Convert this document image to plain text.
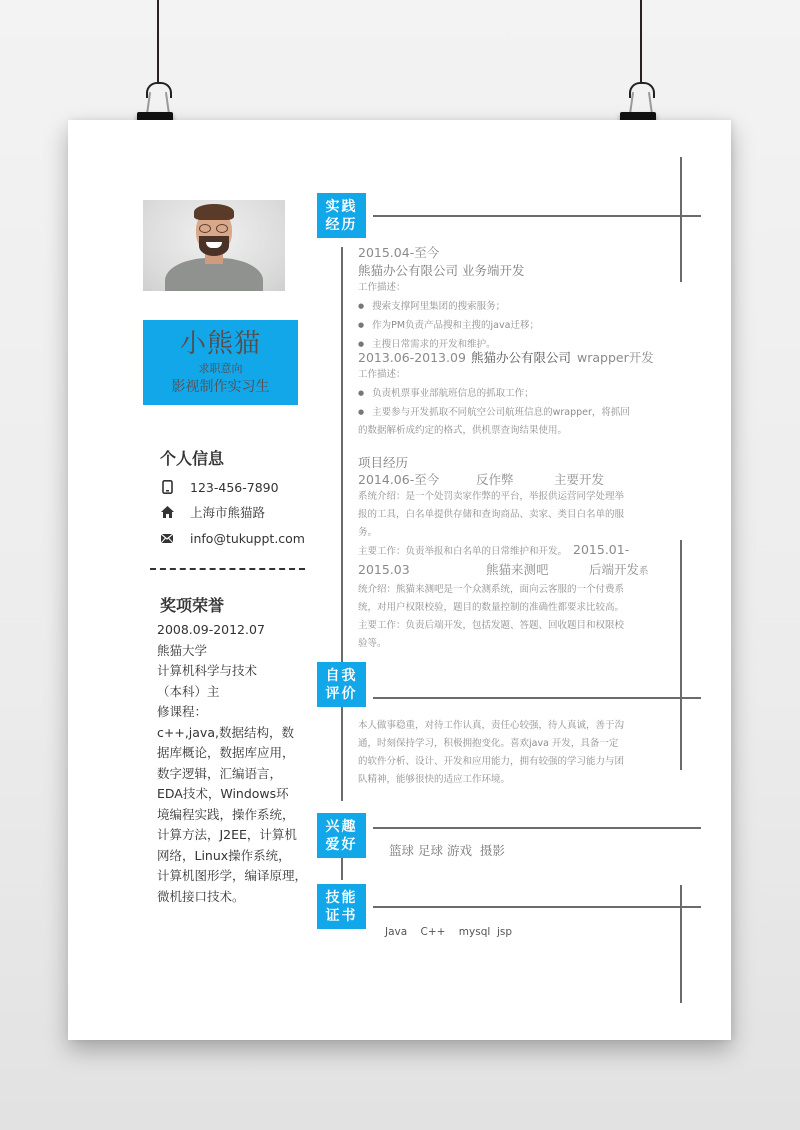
小熊猫
求职意向
影视制作实习生
个人信息
123-456-7890
上海市熊猫路
info@tukuppt.com
奖项荣誉
2008.09-2012.07
熊猫大学
计算机科学与技术
（本科）主
修课程：
c++,java,数据结构，数
据库概论，数据库应用，
数字逻辑，汇编语言，
EDA技术，Windows环
境编程实践，操作系统，
计算方法，J2EE，计算机
网络，Linux操作系统，
计算机图形学，编译原理，
微机接口技术。
实践
经历
自我
评价
兴趣
爱好
技能
证书
2015.04-至今
熊猫办公有限公司 业务端开发
工作描述：
● 搜索支撑阿里集团的搜索服务；
● 作为PM负责产品搜和主搜的java迁移；
● 主搜日常需求的开发和维护。
2013.06-2013.09 熊猫办公有限公司 wrapper开发
工作描述：
● 负责机票事业部航班信息的抓取工作；
● 主要参与开发抓取不同航空公司航班信息的wrapper，将抓回
的数据解析成约定的格式，供机票查询结果使用。
项目经历
2014.06-至今	反作弊	主要开发
系统介绍：是一个处罚卖家作弊的平台，举报供运营同学处理举
报的工具，白名单提供存储和查询商品、卖家、类目白名单的服
务。
主要工作：负责举报和白名单的日常维护和开发。 2015.01-
2015.03	熊猫来测吧	后端开发 系
统介绍：熊猫来测吧是一个众测系统，面向云客服的一个付费系
统，对用户权限校验，题目的数量控制的准确性都要求比较高。
主要工作：负责后端开发，包括发题、答题、回收题目和权限校
验等。
本人做事稳重，对待工作认真，责任心较强，待人真诚，善于沟
通，时刻保持学习，积极拥抱变化。喜欢java 开发，具备一定
的软件分析、设计、开发和应用能力，拥有较强的学习能力与团
队精神，能够很快的适应工作环境。
篮球 足球 游戏  摄影
Java    C++    mysql  jsp
